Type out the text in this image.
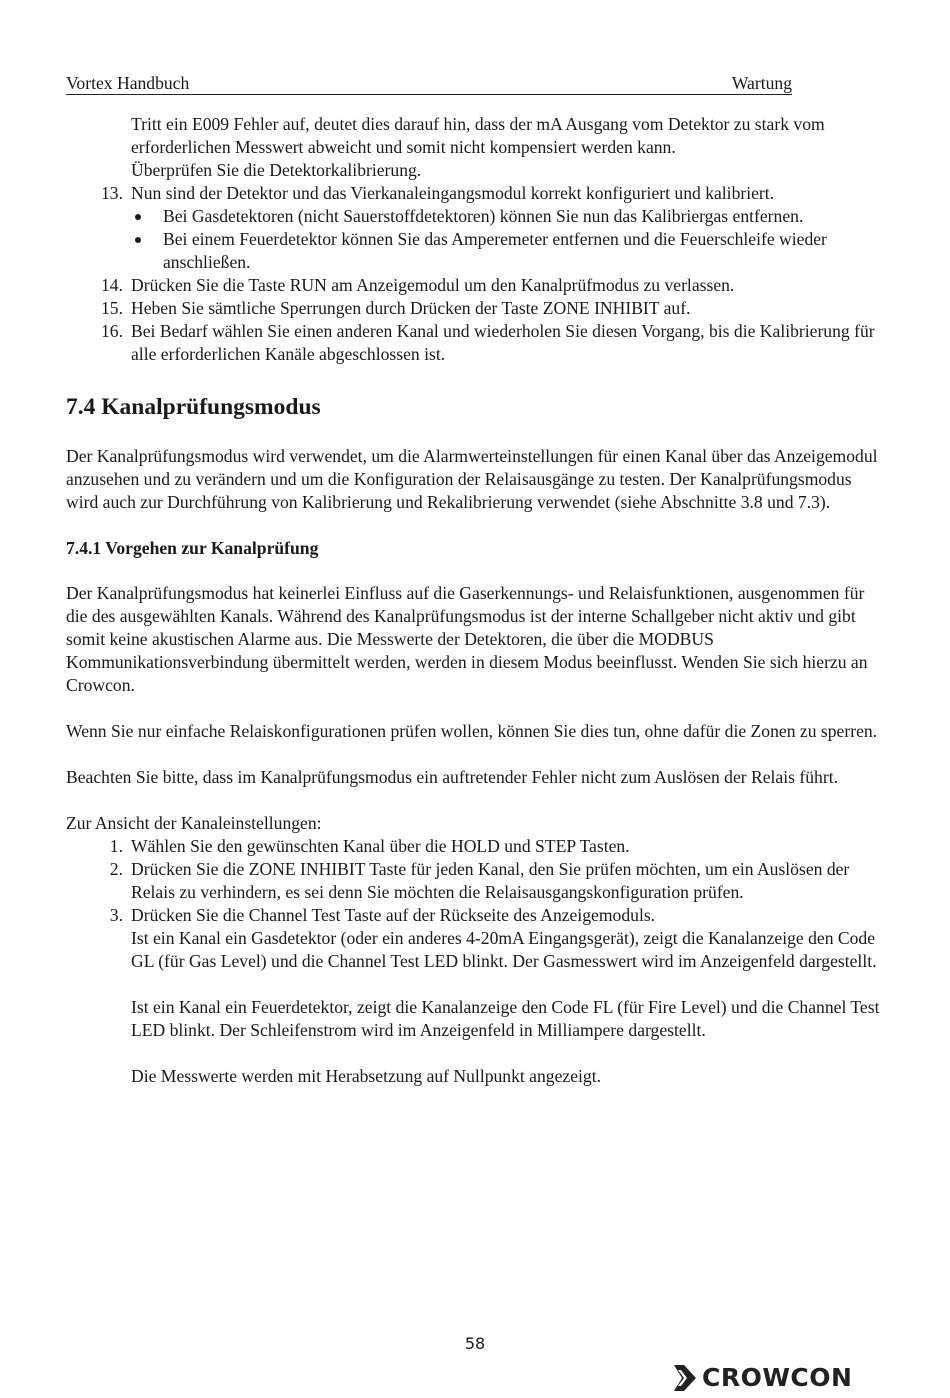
Vortex Handbuch	Wartung

Tritt ein E009 Fehler auf, deutet dies darauf hin, dass der mA Ausgang vom Detektor zu stark vom erforderlichen Messwert abweicht und somit nicht kompensiert werden kann.

Überprüfen Sie die Detektorkalibrierung.

13. Nun sind der Detektor und das Vierkanaleingangsmodul korrekt konfiguriert und kalibriert.
Bei Gasdetektoren (nicht Sauerstoffdetektoren) können Sie nun das Kalibriergas entfernen.
Bei einem Feuerdetektor können Sie das Amperemeter entfernen und die Feuerschleife wieder anschließen.
14. Drücken Sie die Taste RUN am Anzeigemodul um den Kanalprüfmodus zu verlassen.
15. Heben Sie sämtliche Sperrungen durch Drücken der Taste ZONE INHIBIT auf.
16. Bei Bedarf wählen Sie einen anderen Kanal und wiederholen Sie diesen Vorgang, bis die Kalibrierung für alle erforderlichen Kanäle abgeschlossen ist.
7.4 Kanalprüfungsmodus

Der Kanalprüfungsmodus wird verwendet, um die Alarmwerteinstellungen für einen Kanal über das Anzeigemodul anzusehen und zu verändern und um die Konfiguration der Relaisausgänge zu testen. Der Kanalprüfungsmodus wird auch zur Durchführung von Kalibrierung und Rekalibrierung verwendet (siehe Abschnitte 3.8 und 7.3).

7.4.1 Vorgehen zur Kanalprüfung

Der Kanalprüfungsmodus hat keinerlei Einfluss auf die Gaserkennungs- und Relaisfunktionen, ausgenommen für die des ausgewählten Kanals. Während des Kanalprüfungsmodus ist der interne Schallgeber nicht aktiv und gibt somit keine akustischen Alarme aus. Die Messwerte der Detektoren, die über die MODBUS Kommunikationsverbindung übermittelt werden, werden in diesem Modus beeinflusst. Wenden Sie sich hierzu an Crowcon.

Wenn Sie nur einfache Relaiskonfigurationen prüfen wollen, können Sie dies tun, ohne dafür die Zonen zu sperren.

Beachten Sie bitte, dass im Kanalprüfungsmodus ein auftretender Fehler nicht zum Auslösen der Relais führt.

Zur Ansicht der Kanaleinstellungen:

1. Wählen Sie den gewünschten Kanal über die HOLD und STEP Tasten.
2. Drücken Sie die ZONE INHIBIT Taste für jeden Kanal, den Sie prüfen möchten, um ein Auslösen der Relais zu verhindern, es sei denn Sie möchten die Relaisausgangskonfiguration prüfen.
3. Drücken Sie die Channel Test Taste auf der Rückseite des Anzeigemoduls.

Ist ein Kanal ein Gasdetektor (oder ein anderes 4-20mA Eingangsgerät), zeigt die Kanalanzeige den Code GL (für Gas Level) und die Channel Test LED blinkt. Der Gasmesswert wird im Anzeigenfeld dargestellt.

Ist ein Kanal ein Feuerdetektor, zeigt die Kanalanzeige den Code FL (für Fire Level) und die Channel Test LED blinkt. Der Schleifenstrom wird im Anzeigenfeld in Milliampere dargestellt.

Die Messwerte werden mit Herabsetzung auf Nullpunkt angezeigt.

58
CROWCON
